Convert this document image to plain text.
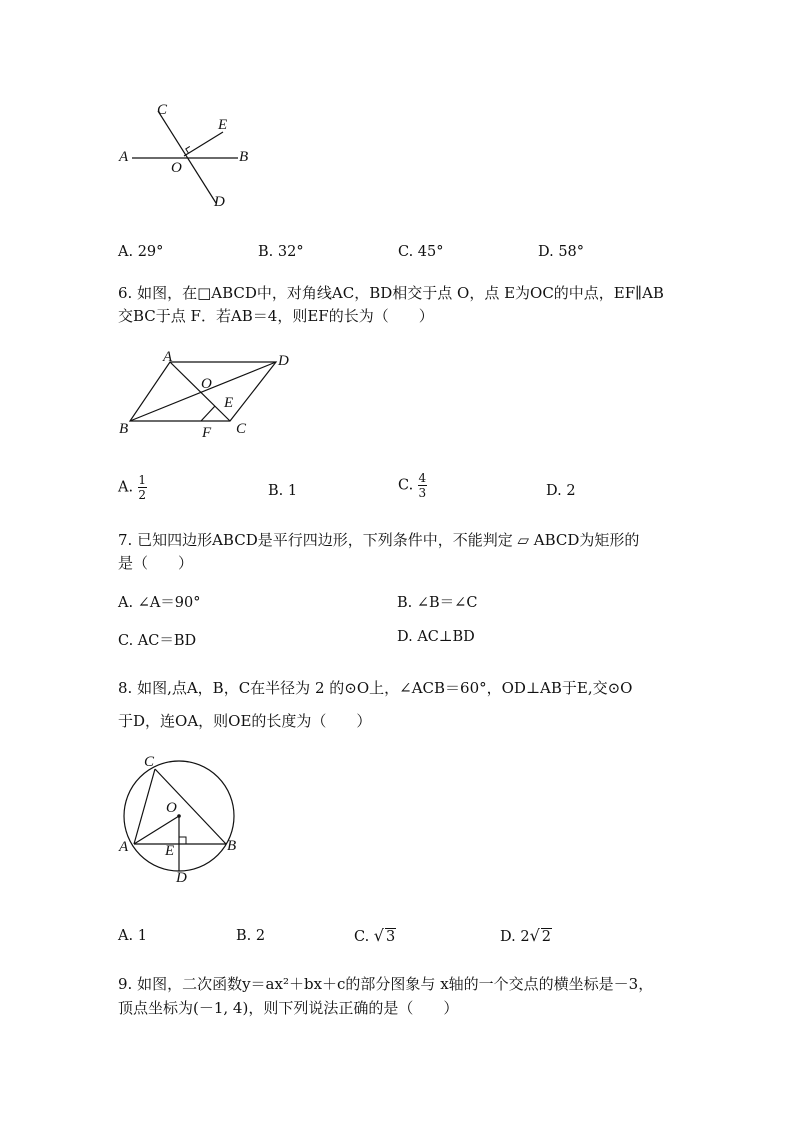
C
E
A	B
O
D
A. 29°	B. 32°	C. 45°	D. 58°
6. 如图，在□ABCD中，对角线AC，BD相交于点 O，点 E为OC的中点，EF∥AB
交BC于点 F．若AB＝4，则EF的长为（　　）
A	D
O
E
B	F C
A. $\frac{1}{2}$	B. 1	C. $\frac{4}{3}$	D. 2
7. 已知四边形ABCD是平行四边形，下列条件中，不能判定 ▱ ABCD为矩形的
是（　　）
A. ∠A＝90°	B. ∠B＝∠C
C. AC＝BD	D. AC⊥BD
8. 如图,点A，B，C在半径为 2 的⊙O上，∠ACB＝60°，OD⊥AB于E,交⊙O
于D，连OA，则OE的长度为（　　）
C
O
A	B
E
D
A. 1	B. 2	C. √ 3	D. 2√ 2
9. 如图，二次函数y＝ax²＋bx＋c的部分图象与 x轴的一个交点的横坐标是－3，
顶点坐标为(－1, 4)，则下列说法正确的是（　　）
